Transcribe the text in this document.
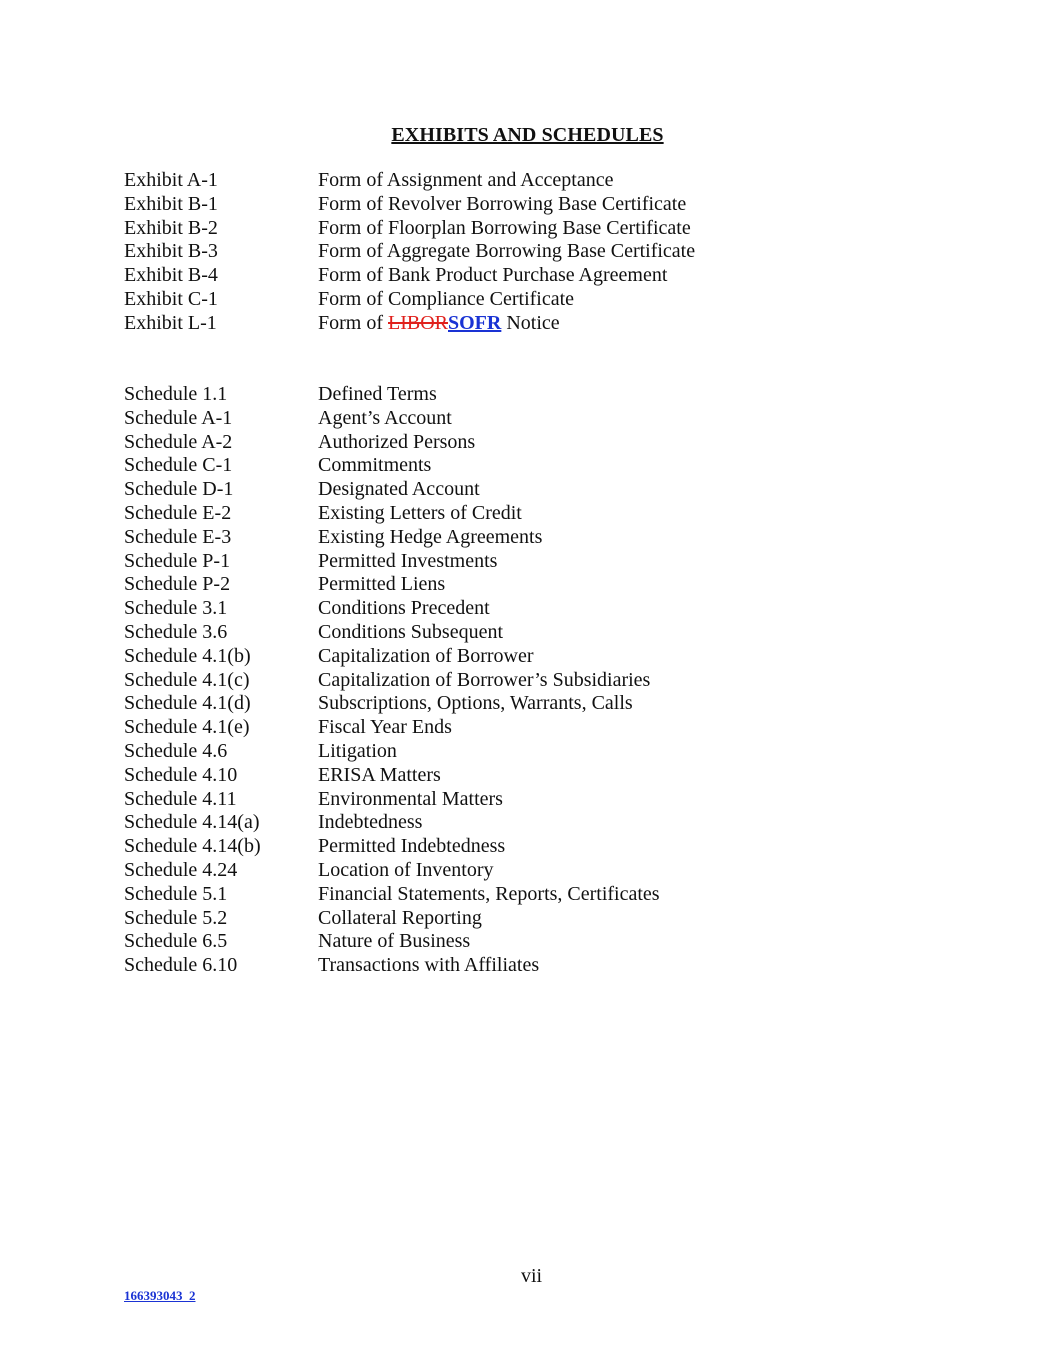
EXHIBITS AND SCHEDULES
Exhibit A-1	Form of Assignment and Acceptance
Exhibit B-1	Form of Revolver Borrowing Base Certificate
Exhibit B-2	Form of Floorplan Borrowing Base Certificate
Exhibit B-3	Form of Aggregate Borrowing Base Certificate
Exhibit B-4	Form of Bank Product Purchase Agreement
Exhibit C-1	Form of Compliance Certificate
Exhibit L-1	Form of LIBORSOFR Notice
Schedule 1.1	Defined Terms
Schedule A-1	Agent’s Account
Schedule A-2	Authorized Persons
Schedule C-1	Commitments
Schedule D-1	Designated Account
Schedule E-2	Existing Letters of Credit
Schedule E-3	Existing Hedge Agreements
Schedule P-1	Permitted Investments
Schedule P-2	Permitted Liens
Schedule 3.1	Conditions Precedent
Schedule 3.6	Conditions Subsequent
Schedule 4.1(b)	Capitalization of Borrower
Schedule 4.1(c)	Capitalization of Borrower’s Subsidiaries
Schedule 4.1(d)	Subscriptions, Options, Warrants, Calls
Schedule 4.1(e)	Fiscal Year Ends
Schedule 4.6	Litigation
Schedule 4.10	ERISA Matters
Schedule 4.11	Environmental Matters
Schedule 4.14(a)	Indebtedness
Schedule 4.14(b)	Permitted Indebtedness
Schedule 4.24	Location of Inventory
Schedule 5.1	Financial Statements, Reports, Certificates
Schedule 5.2	Collateral Reporting
Schedule 6.5	Nature of Business
Schedule 6.10	Transactions with Affiliates
vii
166393043_2
